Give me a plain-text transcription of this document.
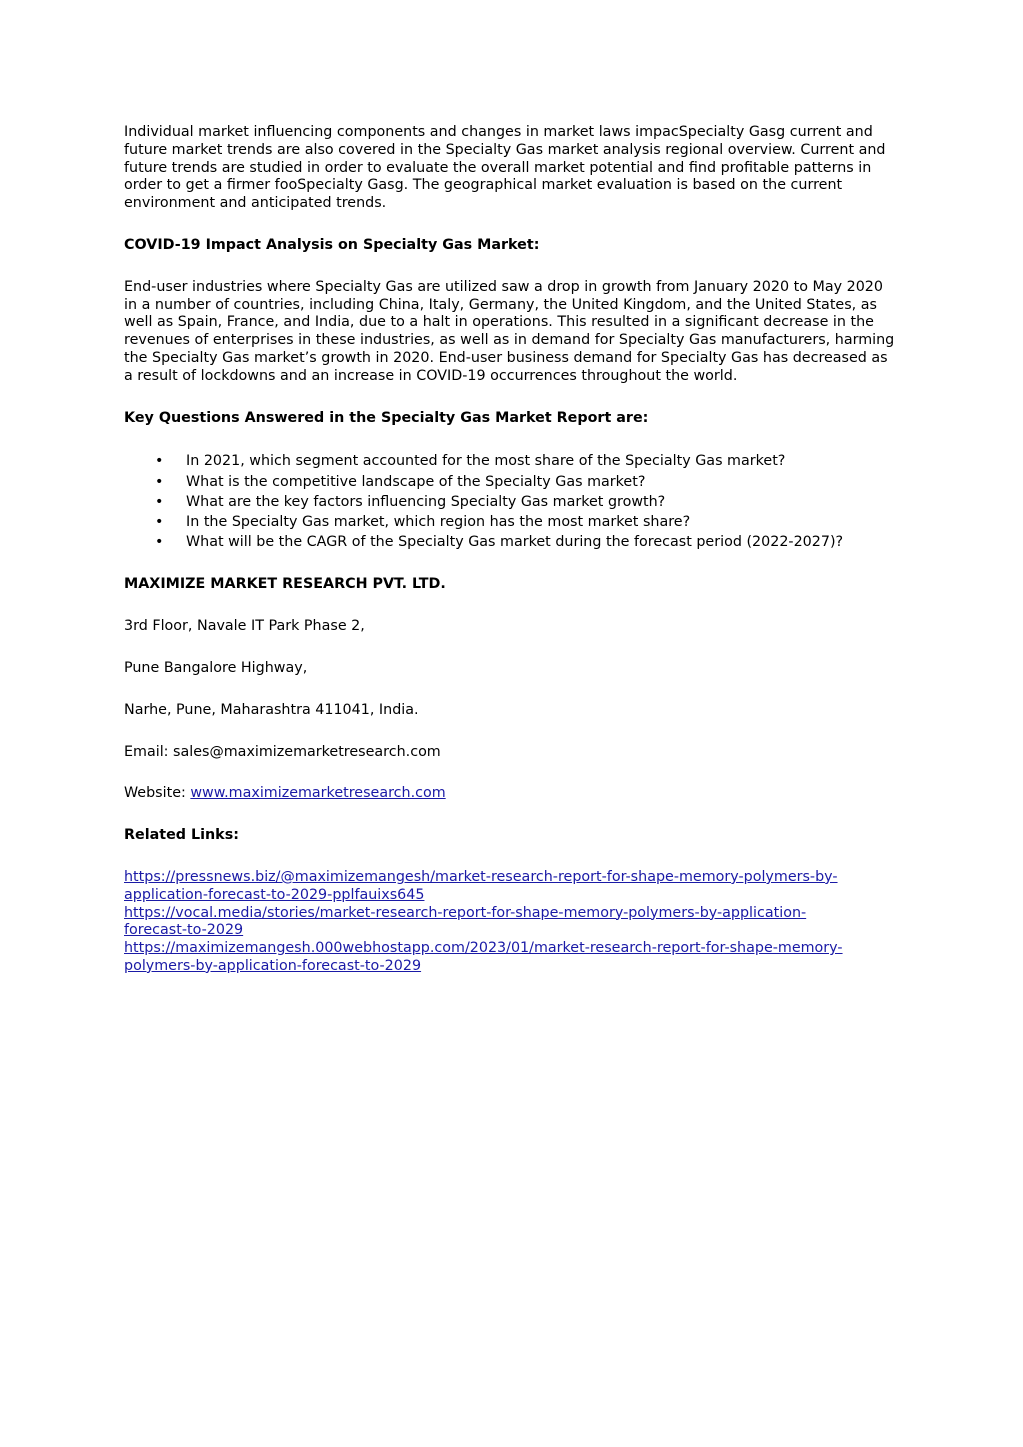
Individual market influencing components and changes in market laws impacSpecialty Gasg current and future market trends are also covered in the Specialty Gas market analysis regional overview. Current and future trends are studied in order to evaluate the overall market potential and find profitable patterns in order to get a firmer fooSpecialty Gasg. The geographical market evaluation is based on the current environment and anticipated trends.

COVID-19 Impact Analysis on Specialty Gas Market:

End-user industries where Specialty Gas are utilized saw a drop in growth from January 2020 to May 2020 in a number of countries, including China, Italy, Germany, the United Kingdom, and the United States, as well as Spain, France, and India, due to a halt in operations. This resulted in a significant decrease in the revenues of enterprises in these industries, as well as in demand for Specialty Gas manufacturers, harming the Specialty Gas market’s growth in 2020. End-user business demand for Specialty Gas has decreased as a result of lockdowns and an increase in COVID-19 occurrences throughout the world.

Key Questions Answered in the Specialty Gas Market Report are:

• In 2021, which segment accounted for the most share of the Specialty Gas market?
• What is the competitive landscape of the Specialty Gas market?
• What are the key factors influencing Specialty Gas market growth?
• In the Specialty Gas market, which region has the most market share?
• What will be the CAGR of the Specialty Gas market during the forecast period (2022-2027)?

MAXIMIZE MARKET RESEARCH PVT. LTD.

3rd Floor, Navale IT Park Phase 2,

Pune Bangalore Highway,

Narhe, Pune, Maharashtra 411041, India.

Email: sales@maximizemarketresearch.com

Website: www.maximizemarketresearch.com

Related Links:

https://pressnews.biz/@maximizemangesh/market-research-report-for-shape-memory-polymers-by-
application-forecast-to-2029-pplfauixs645

https://vocal.media/stories/market-research-report-for-shape-memory-polymers-by-application-
forecast-to-2029

https://maximizemangesh.000webhostapp.com/2023/01/market-research-report-for-shape-memory-
polymers-by-application-forecast-to-2029
